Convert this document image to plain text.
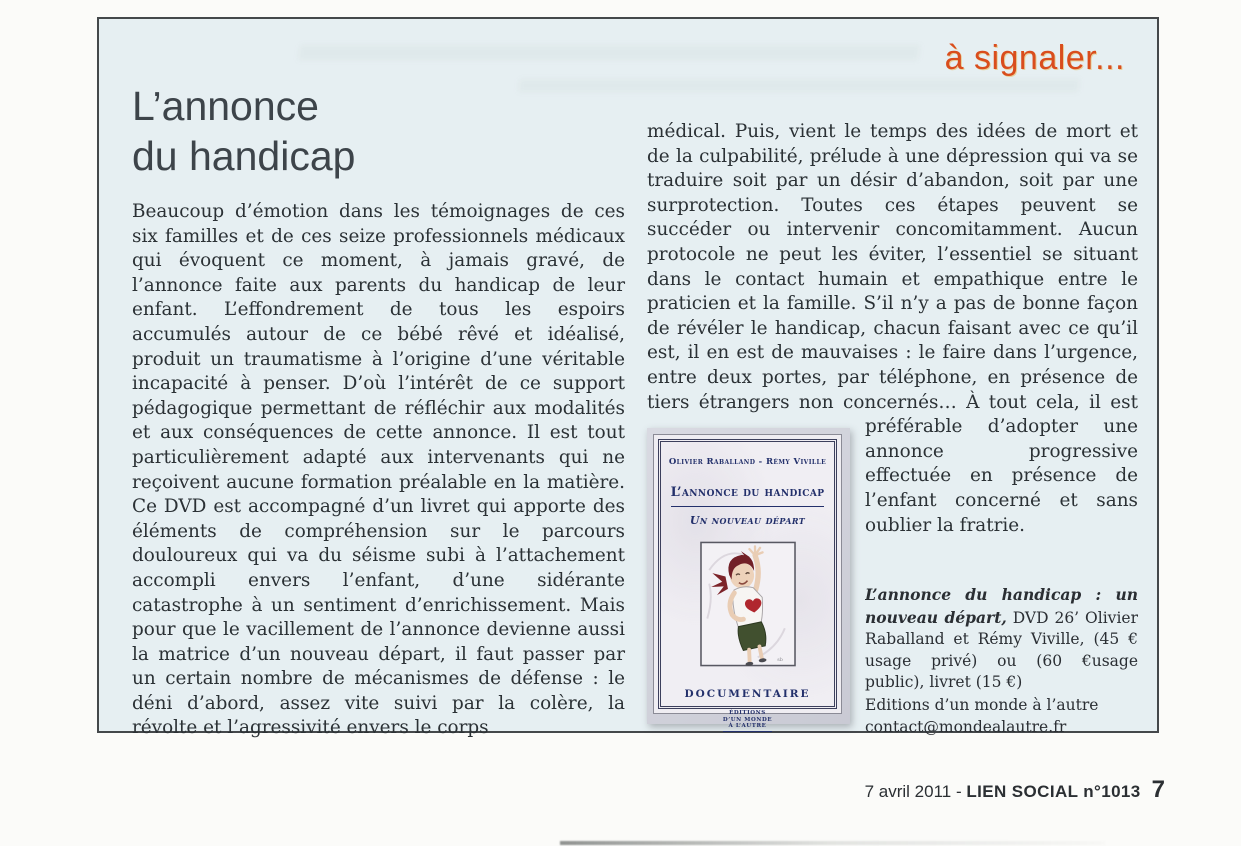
à signaler...
L’annonce
du handicap
Beaucoup d’émotion dans les témoignages de ces six familles et de ces seize professionnels médicaux qui évoquent ce moment, à jamais gravé, de l’annonce faite aux parents du handicap de leur enfant. L’effondrement de tous les espoirs accumulés autour de ce bébé rêvé et idéalisé, produit un traumatisme à l’origine d’une véritable incapacité à penser. D’où l’intérêt de ce support pédagogique permettant de réfléchir aux modalités et aux conséquences de cette annonce. Il est tout particulièrement adapté aux intervenants qui ne reçoivent aucune formation préalable en la matière. Ce DVD est accompagné d’un livret qui apporte des éléments de compréhension sur le parcours douloureux qui va du séisme subi à l’attachement accompli envers l’enfant, d’une sidérante catastrophe à un sentiment d’enrichissement. Mais pour que le vacillement de l’annonce devienne aussi la matrice d’un nouveau départ, il faut passer par un certain nombre de mécanismes de défense : le déni d’abord, assez vite suivi par la colère, la révolte et l’agressivité envers le corps
médical. Puis, vient le temps des idées de mort et de la culpabilité, prélude à une dépression qui va se traduire soit par un désir d’abandon, soit par une surprotection. Toutes ces étapes peuvent se succéder ou intervenir concomitamment. Aucun protocole ne peut les éviter, l’essentiel se situant dans le contact humain et empathique entre le praticien et la famille. S’il n’y a pas de bonne façon de révéler le handicap, chacun faisant avec ce qu’il est, il en est de mauvaises : le faire dans l’urgence, entre deux portes, par téléphone, en présence de tiers étrangers non concernés… À tout
Olivier Raballand - Rémy Viville
L’annonce du handicap
Un nouveau départ
sb
DOCUMENTAIRE
ÉDITIONS
D’UN MONDE
À L’AUTRE
cela, il est préférable d’adopter une annonce progressive effectuée en présence de l’enfant concerné et sans oublier la fratrie.

L’annonce du handicap : un nouveau départ, DVD 26’ Olivier Raballand et Rémy Viville, (45 € usage privé) ou (60 €usage public), livret (15 €)

Editions d’un monde à l’autre
contact@mondealautre.fr
7 avril 2011 - LIEN SOCIAL n°1013 7
